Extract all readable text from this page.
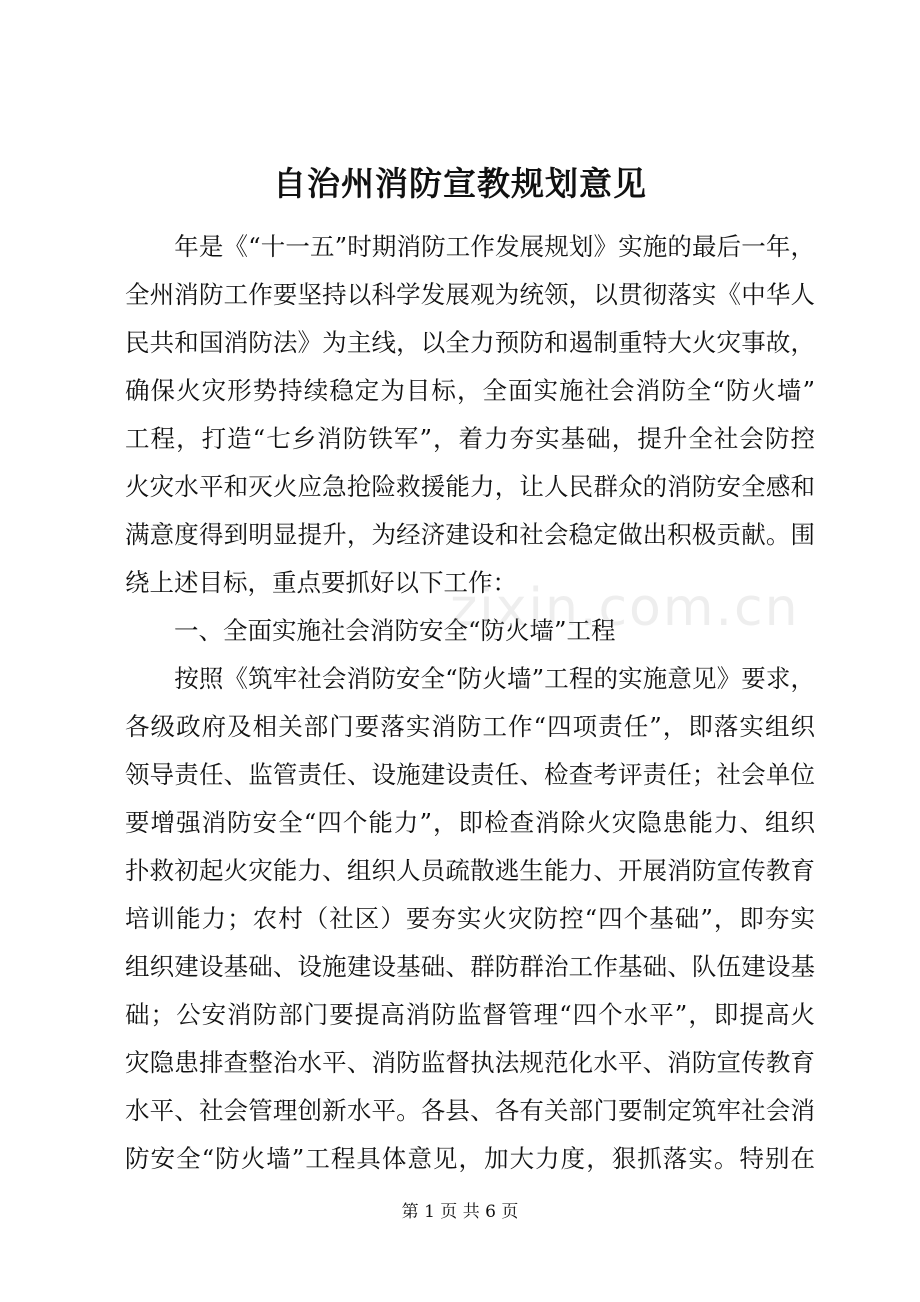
自治州消防宣教规划意见
　　年是《“十一五”时期消防工作发展规划》实施的最后一年，
全州消防工作要坚持以科学发展观为统领，以贯彻落实《中华人
民共和国消防法》为主线，以全力预防和遏制重特大火灾事故，
确保火灾形势持续稳定为目标，全面实施社会消防全“防火墙”
工程，打造“七乡消防铁军”，着力夯实基础，提升全社会防控
火灾水平和灭火应急抢险救援能力，让人民群众的消防安全感和
满意度得到明显提升，为经济建设和社会稳定做出积极贡献。围
绕上述目标，重点要抓好以下工作：
　　一、全面实施社会消防安全“防火墙”工程
　　按照《筑牢社会消防安全“防火墙”工程的实施意见》要求，
各级政府及相关部门要落实消防工作“四项责任”，即落实组织
领导责任、监管责任、设施建设责任、检查考评责任；社会单位
要增强消防安全“四个能力”，即检查消除火灾隐患能力、组织
扑救初起火灾能力、组织人员疏散逃生能力、开展消防宣传教育
培训能力；农村（社区）要夯实火灾防控“四个基础”，即夯实
组织建设基础、设施建设基础、群防群治工作基础、队伍建设基
础；公安消防部门要提高消防监督管理“四个水平”，即提高火
灾隐患排查整治水平、消防监督执法规范化水平、消防宣传教育
水平、社会管理创新水平。各县、各有关部门要制定筑牢社会消
防安全“防火墙”工程具体意见，加大力度，狠抓落实。特别在
zixin.com.cn
第 1 页 共 6 页
